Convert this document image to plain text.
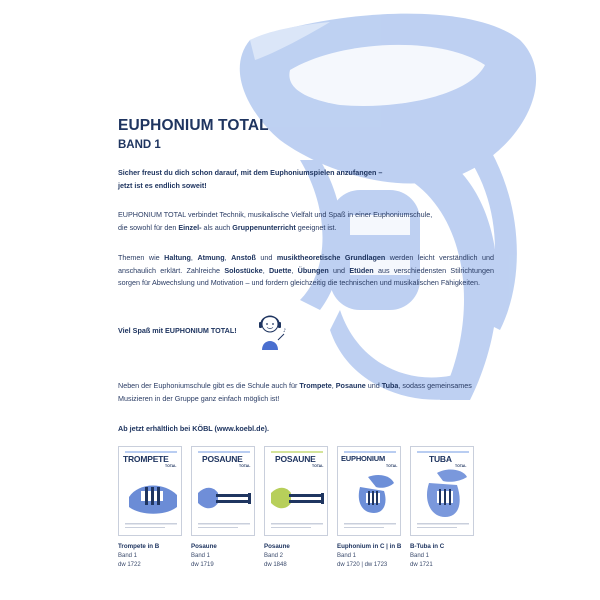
EUPHONIUM TOTAL
BAND 1
Sicher freust du dich schon darauf, mit dem Euphoniumspielen anzufangen –
jetzt ist es endlich soweit!
EUPHONIUM TOTAL verbindet Technik, musikalische Vielfalt und Spaß in einer Euphoniumschule,
die sowohl für den Einzel- als auch Gruppenunterricht geeignet ist.
Themen wie Haltung, Atmung, Anstoß und musiktheoretische Grundlagen werden leicht verständlich und anschaulich erklärt. Zahlreiche Solostücke, Duette, Übungen und Etüden aus verschiedensten Stilrichtungen sorgen für Abwechslung und Motivation – und fordern gleichzeitig die technischen und musikalischen Fähigkeiten.
Viel Spaß mit EUPHONIUM TOTAL!	♪
Neben der Euphoniumschule gibt es die Schule auch für Trompete, Posaune und Tuba, sodass gemeinsames
Musizieren in der Gruppe ganz einfach möglich ist!
Ab jetzt erhältlich bei KÖBL (www.koebl.de).
TROMPETE
TOTAL
Trompete in B
Band 1
dw 1722
POSAUNE
TOTAL
Posaune
Band 1
dw 1719
POSAUNE
TOTAL
Posaune
Band 2
dw 1848
EUPHONIUM
TOTAL
Euphonium in C | in B
Band 1
dw 1720 | dw 1723
TUBA
TOTAL
B-Tuba in C
Band 1
dw 1721
